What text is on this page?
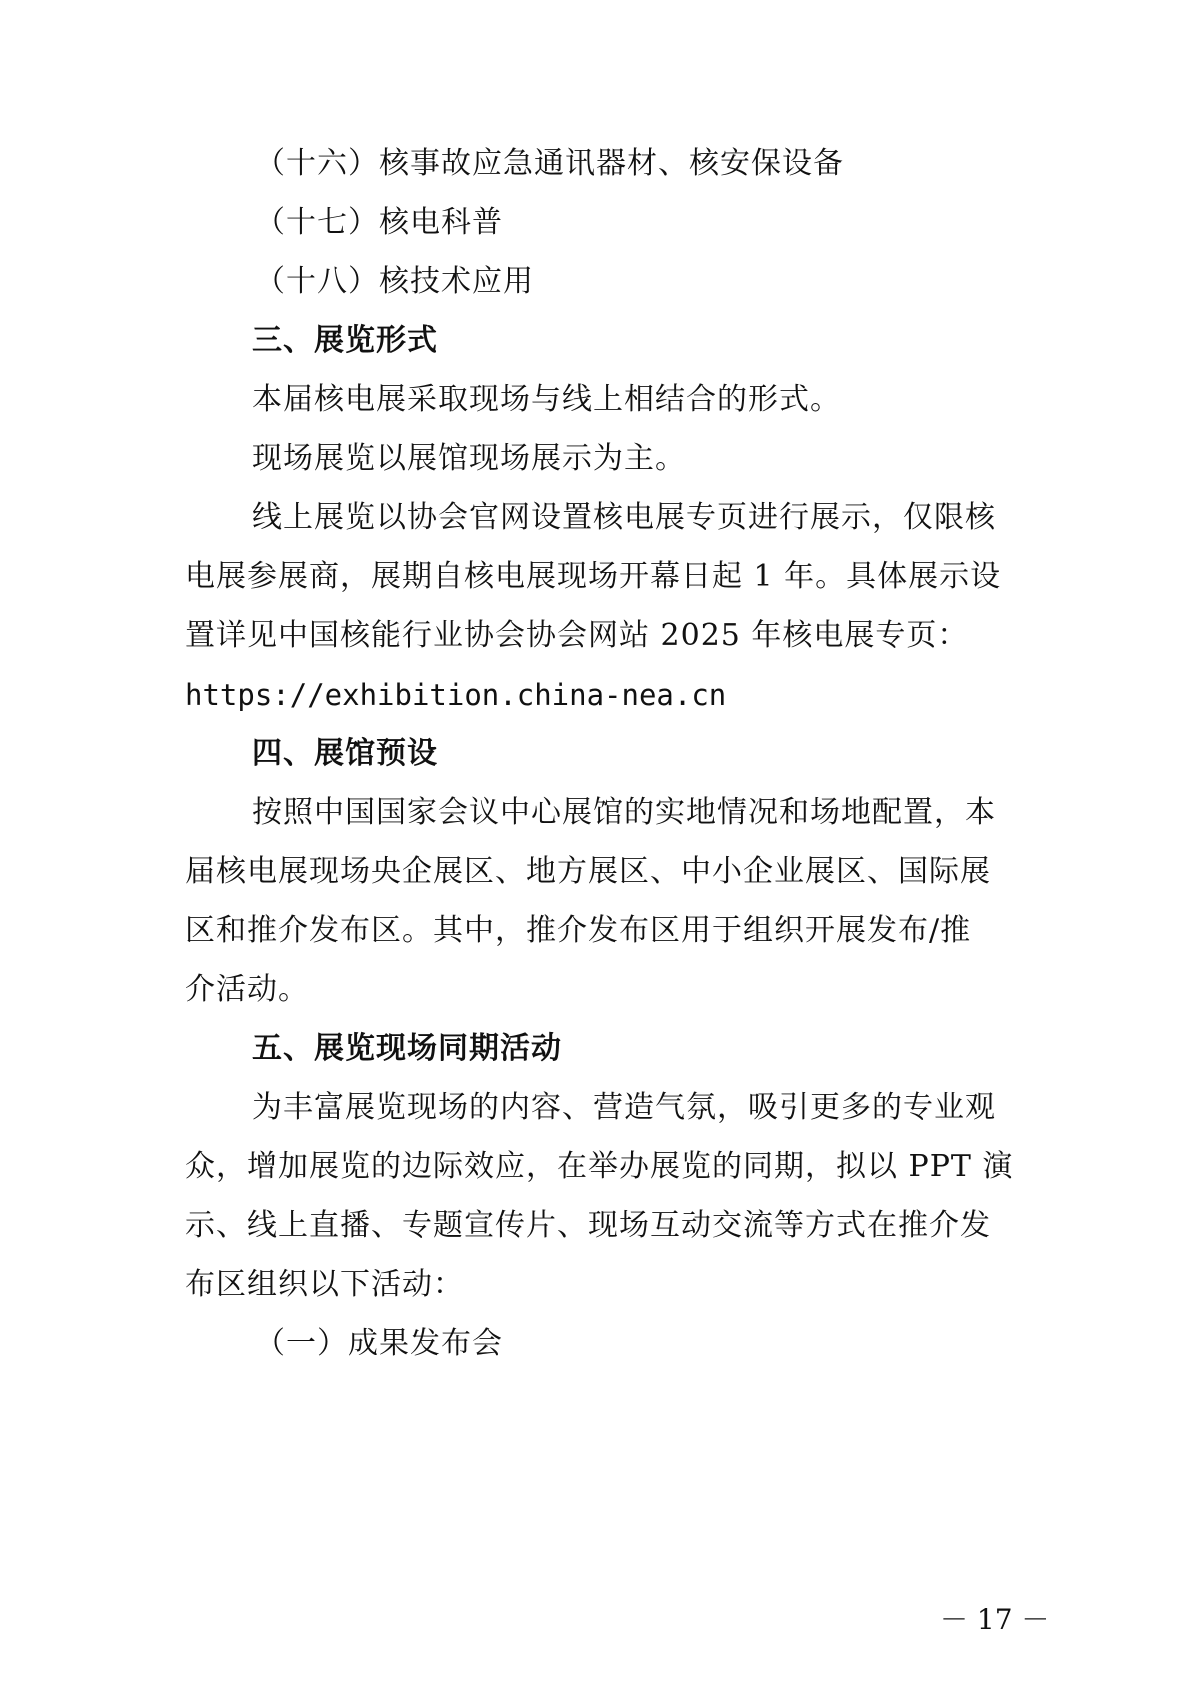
（十六）核事故应急通讯器材、核安保设备
（十七）核电科普
（十八）核技术应用
三、展览形式
本届核电展采取现场与线上相结合的形式。
现场展览以展馆现场展示为主。
线上展览以协会官网设置核电展专页进行展示，仅限核
电展参展商，展期自核电展现场开幕日起 1 年。具体展示设
置详见中国核能行业协会协会网站 2025 年核电展专页：
https://exhibition.china-nea.cn
四、展馆预设
按照中国国家会议中心展馆的实地情况和场地配置，本
届核电展现场央企展区、地方展区、中小企业展区、国际展
区和推介发布区。其中，推介发布区用于组织开展发布/推
介活动。
五、展览现场同期活动
为丰富展览现场的内容、营造气氛，吸引更多的专业观
众，增加展览的边际效应，在举办展览的同期，拟以 PPT 演
示、线上直播、专题宣传片、现场互动交流等方式在推介发
布区组织以下活动：
（一）成果发布会
－ 17 －
